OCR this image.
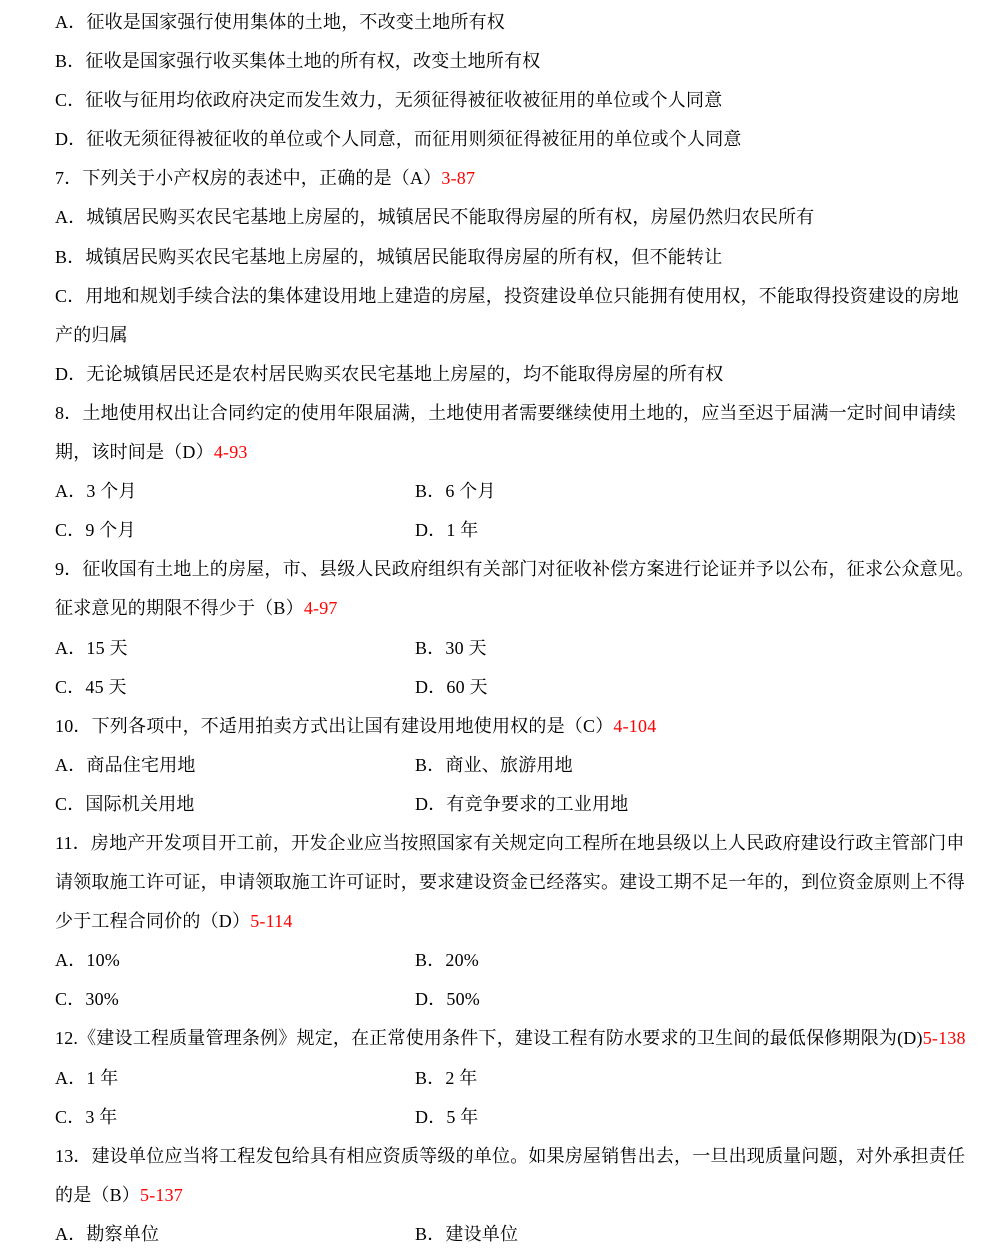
A．征收是国家强行使用集体的土地，不改变土地所有权
B．征收是国家强行收买集体土地的所有权，改变土地所有权
C．征收与征用均依政府决定而发生效力，无须征得被征收被征用的单位或个人同意
D．征收无须征得被征收的单位或个人同意，而征用则须征得被征用的单位或个人同意
7．下列关于小产权房的表述中，正确的是（A）3-87
A．城镇居民购买农民宅基地上房屋的，城镇居民不能取得房屋的所有权，房屋仍然归农民所有
B．城镇居民购买农民宅基地上房屋的，城镇居民能取得房屋的所有权，但不能转让
C．用地和规划手续合法的集体建设用地上建造的房屋，投资建设单位只能拥有使用权，不能取得投资建设的房地
产的归属
D．无论城镇居民还是农村居民购买农民宅基地上房屋的，均不能取得房屋的所有权
8．土地使用权出让合同约定的使用年限届满，土地使用者需要继续使用土地的，应当至迟于届满一定时间申请续
期，该时间是（D）4-93
A．3 个月	B．6 个月
C．9 个月	D．1 年
9．征收国有土地上的房屋，市、县级人民政府组织有关部门对征收补偿方案进行论证并予以公布，征求公众意见。
征求意见的期限不得少于（B）4-97
A．15 天	B．30 天
C．45 天	D．60 天
10．下列各项中，不适用拍卖方式出让国有建设用地使用权的是（C）4-104
A．商品住宅用地	B．商业、旅游用地
C．国际机关用地	D．有竞争要求的工业用地
11．房地产开发项目开工前，开发企业应当按照国家有关规定向工程所在地县级以上人民政府建设行政主管部门申
请领取施工许可证，申请领取施工许可证时，要求建设资金已经落实。建设工期不足一年的，到位资金原则上不得
少于工程合同价的（D）5-114
A．10%	B．20%
C．30%	D．50%
12.《建设工程质量管理条例》规定，在正常使用条件下，建设工程有防水要求的卫生间的最低保修期限为(D)5-138
A．1 年	B．2 年
C．3 年	D．5 年
13．建设单位应当将工程发包给具有相应资质等级的单位。如果房屋销售出去，一旦出现质量问题，对外承担责任
的是（B）5-137
A．勘察单位	B．建设单位
